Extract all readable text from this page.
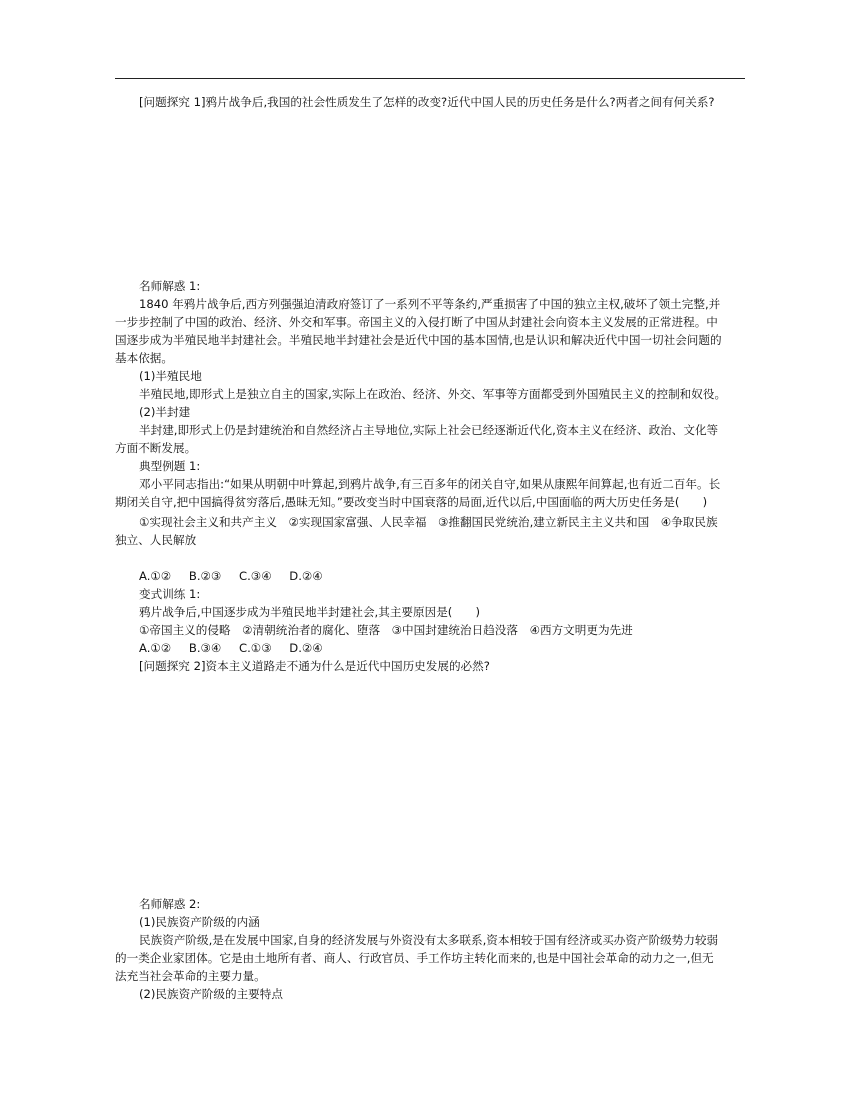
[问题探究 1]鸦片战争后,我国的社会性质发生了怎样的改变?近代中国人民的历史任务是什么?两者之间有何关系?
名师解惑 1:
1840 年鸦片战争后,西方列强强迫清政府签订了一系列不平等条约,严重损害了中国的独立主权,破坏了领土完整,并
一步步控制了中国的政治、经济、外交和军事。帝国主义的入侵打断了中国从封建社会向资本主义发展的正常进程。中
国逐步成为半殖民地半封建社会。半殖民地半封建社会是近代中国的基本国情,也是认识和解决近代中国一切社会问题的
基本依据。
(1)半殖民地
半殖民地,即形式上是独立自主的国家,实际上在政治、经济、外交、军事等方面都受到外国殖民主义的控制和奴役。
(2)半封建
半封建,即形式上仍是封建统治和自然经济占主导地位,实际上社会已经逐渐近代化,资本主义在经济、政治、文化等
方面不断发展。
典型例题 1:
邓小平同志指出:“如果从明朝中叶算起,到鸦片战争,有三百多年的闭关自守,如果从康熙年间算起,也有近二百年。长
期闭关自守,把中国搞得贫穷落后,愚昧无知。”要改变当时中国衰落的局面,近代以后,中国面临的两大历史任务是(　　)
①实现社会主义和共产主义　②实现国家富强、人民幸福　③推翻国民党统治,建立新民主主义共和国　④争取民族
独立、人民解放
A.①② B.②③ C.③④ D.②④
变式训练 1:
鸦片战争后,中国逐步成为半殖民地半封建社会,其主要原因是(　　)
①帝国主义的侵略　②清朝统治者的腐化、堕落　③中国封建统治日趋没落　④西方文明更为先进
A.①② B.③④ C.①③ D.②④
[问题探究 2]资本主义道路走不通为什么是近代中国历史发展的必然?
名师解惑 2:
(1)民族资产阶级的内涵
民族资产阶级,是在发展中国家,自身的经济发展与外资没有太多联系,资本相较于国有经济或买办资产阶级势力较弱
的一类企业家团体。它是由土地所有者、商人、行政官员、手工作坊主转化而来的,也是中国社会革命的动力之一,但无
法充当社会革命的主要力量。
(2)民族资产阶级的主要特点
